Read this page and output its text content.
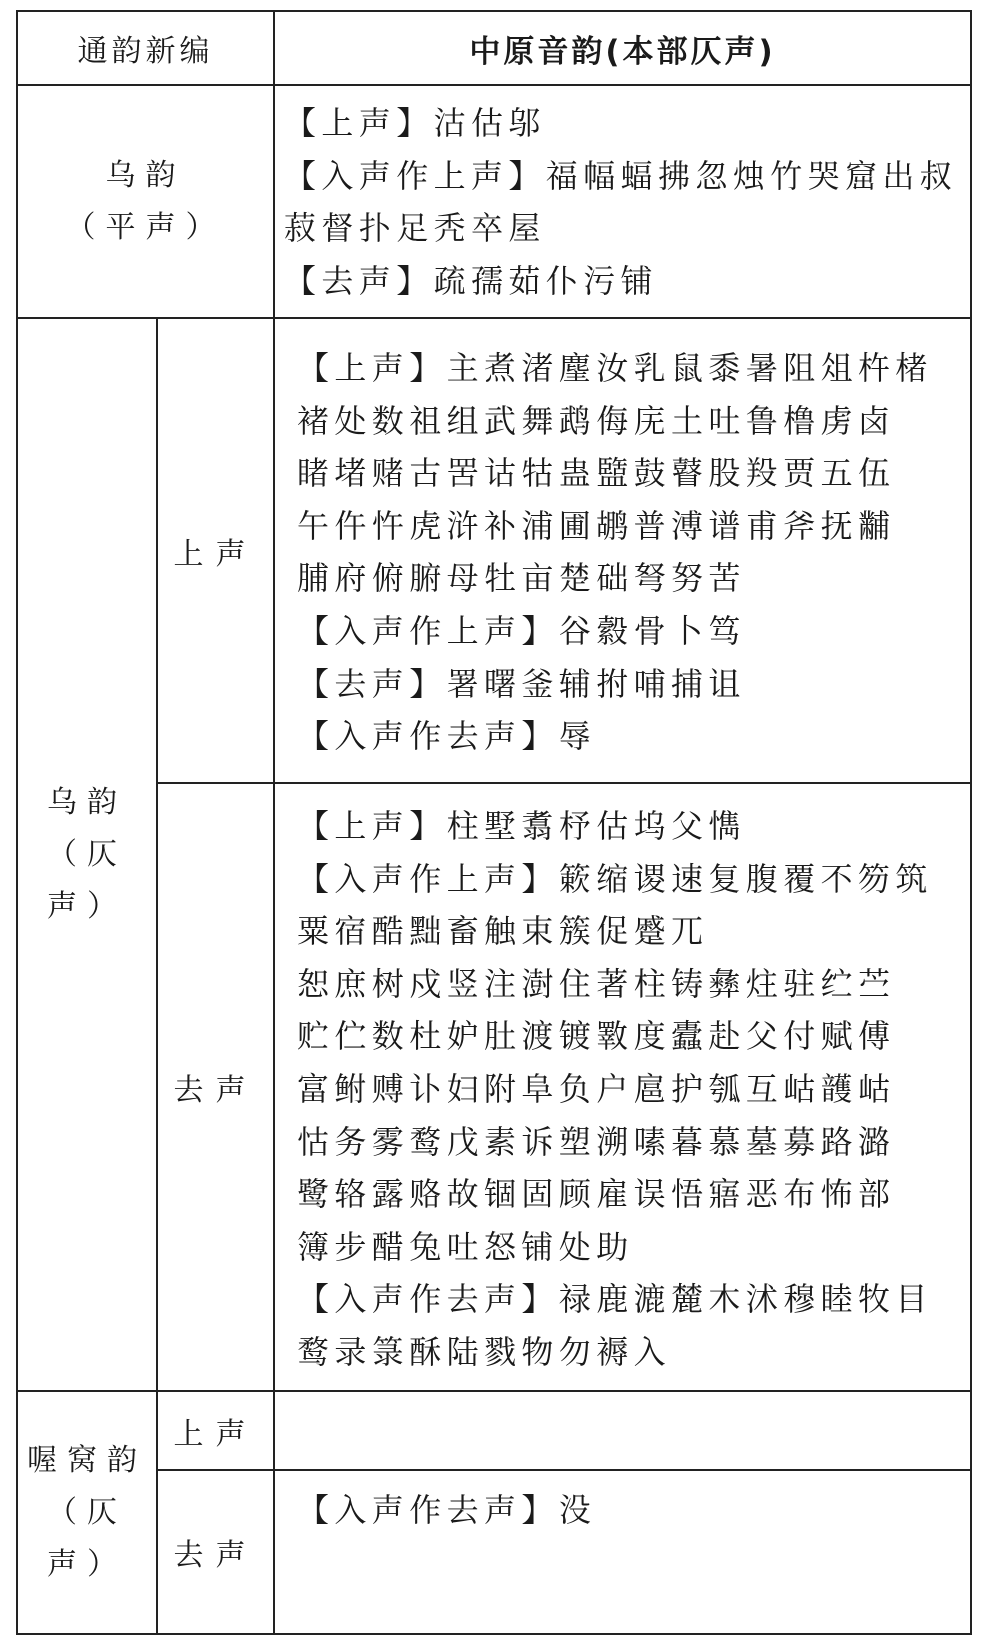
通韵新编	中原音韵(本部仄声)
乌韵
（平声）
【上声】沽估邬
【入声作上声】福幅蝠拂忽烛竹哭窟出叔
菽督扑足秃卒屋
【去声】疏孺茹仆污铺
乌韵
（仄声）
上声
【上声】主煮渚麈汝乳鼠黍暑阻俎杵楮
褚处数祖组武舞鹉侮庑土吐鲁橹虏卤
睹堵赌古罟诂牯蛊盬鼓瞽股羖贾五伍
午仵忤虎浒补浦圃鹕普溥谱甫斧抚黼
脯府俯腑母牡亩楚础弩努苦
【入声作上声】谷縠骨卜笃
【去声】署曙釜辅拊哺捕诅
【入声作去声】辱
去声
【上声】柱墅翥杼估坞父懏
【入声作上声】簌缩谡速复腹覆不笏筑
粟宿酷黜畜触束簇促蹙兀
恕庶树戍竖注澍住著柱铸彝炷驻纻苎
贮伫数杜妒肚渡镀斁度蠹赴父付赋傅
富鲋赙讣妇附阜负户扈护瓠互岵頀岵
怙务雾鹜戊素诉塑溯嗉暮慕墓募路潞
鹭辂露赂故锢固顾雇误悟寤恶布怖部
簿步醋兔吐怒铺处助
【入声作去声】禄鹿漉麓木沭穆睦牧目
鹜录箓酥陆戮物勿褥入
喔窝韵
（仄声）
上声
去声
【入声作去声】没
